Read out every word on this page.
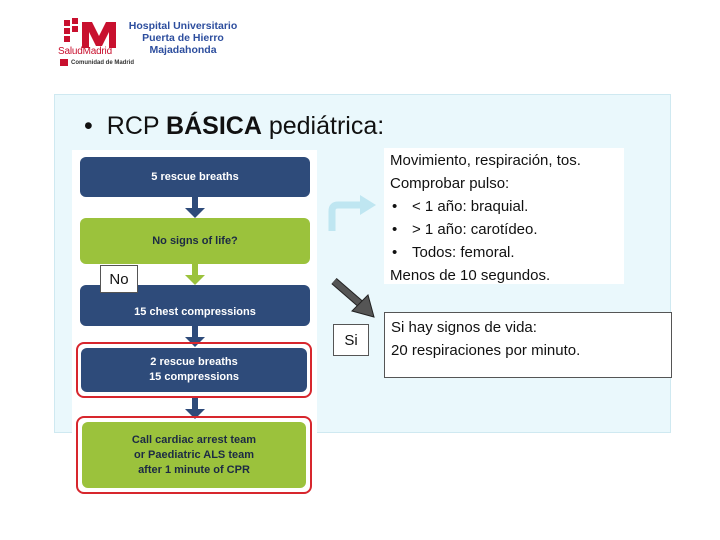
SaludMadrid
Hospital Universitario
Puerta de Hierro
Majadahonda
Comunidad de Madrid
• RCP BÁSICA pediátrica:
5 rescue breaths
No signs of life?
15 chest compressions
2 rescue breaths
15 compressions
Call cardiac arrest team
or Paediatric ALS team
after 1 minute of CPR
No
Si
Movimiento, respiración, tos.
Comprobar pulso:
• < 1 año: braquial.
• > 1 año: carotídeo.
• Todos: femoral.
Menos de 10 segundos.
Si hay signos de vida:
20 respiraciones por minuto.
